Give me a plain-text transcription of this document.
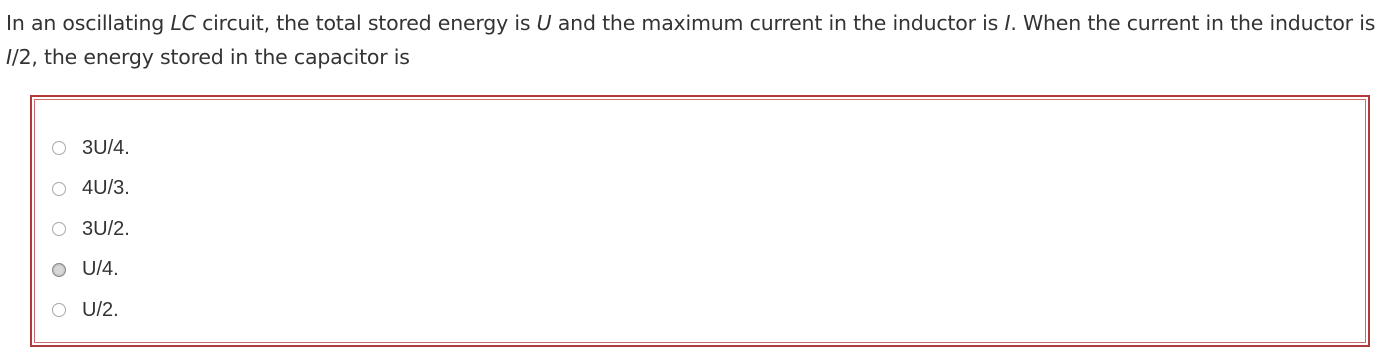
In an oscillating LC circuit, the total stored energy is U and the maximum current in the inductor is I. When the current in the inductor is I/2, the energy stored in the capacitor is
3U/4.
4U/3.
3U/2.
U/4.
U/2.
